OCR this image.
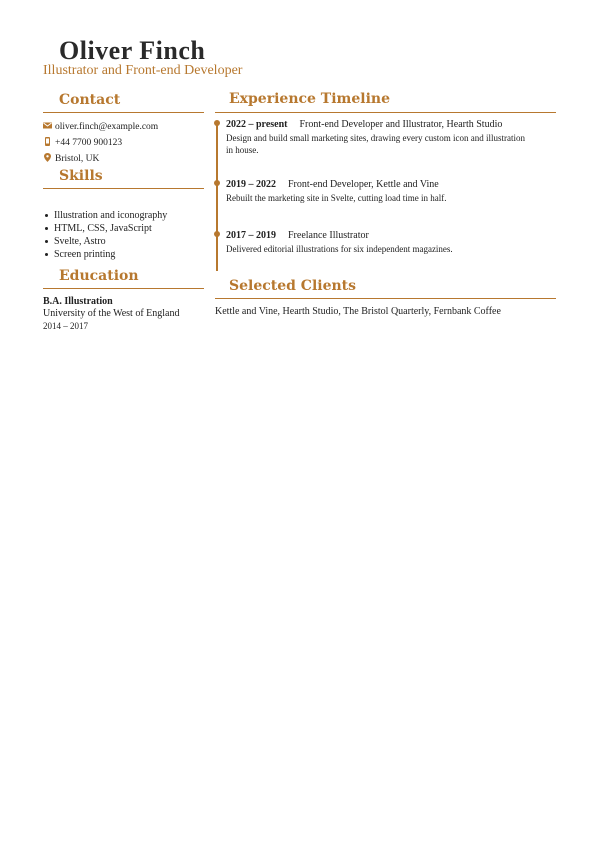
Oliver Finch
Illustrator and Front-end Developer
Contact
oliver.finch@example.com
+44 7700 900123
Bristol, UK
Skills
Illustration and iconography
HTML, CSS, JavaScript
Svelte, Astro
Screen printing
Education
B.A. Illustration
University of the West of England
2014 – 2017
Experience Timeline
2022 – present Front-end Developer and Illustrator, Hearth Studio
Design and build small marketing sites, drawing every custom icon and illustration in house.
2019 – 2022 Front-end Developer, Kettle and Vine
Rebuilt the marketing site in Svelte, cutting load time in half.
2017 – 2019 Freelance Illustrator
Delivered editorial illustrations for six independent magazines.
Selected Clients
Kettle and Vine, Hearth Studio, The Bristol Quarterly, Fernbank Coffee
